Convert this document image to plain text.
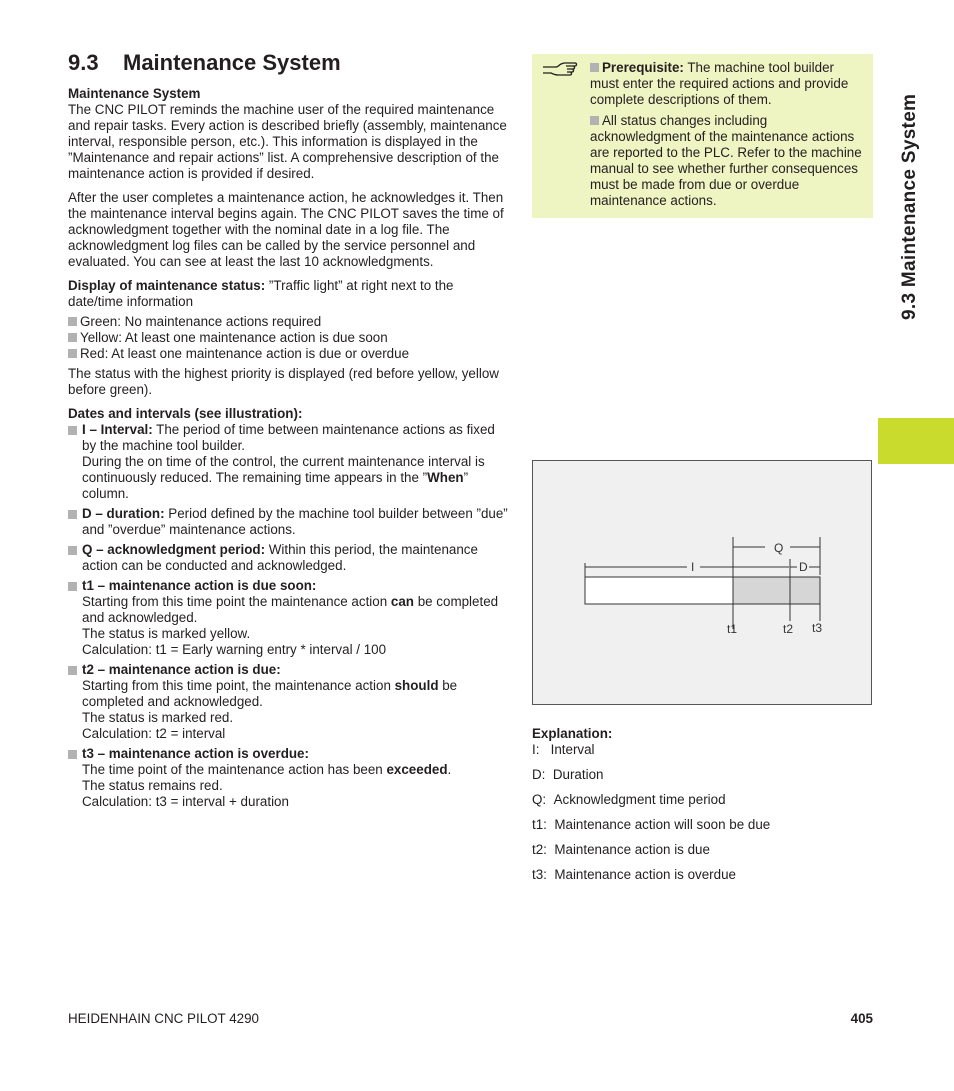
9.3 Maintenance System

Maintenance System

The CNC PILOT reminds the machine user of the required maintenance and repair tasks. Every action is described briefly (assembly, maintenance interval, responsible person, etc.). This information is displayed in the ”Maintenance and repair actions” list. A comprehensive description of the maintenance action is provided if desired.

After the user completes a maintenance action, he acknowledges it. Then the maintenance interval begins again. The CNC PILOT saves the time of acknowledgment together with the nominal date in a log file. The acknowledgment log files can be called by the service personnel and evaluated. You can see at least the last 10 acknowledgments.

Display of maintenance status: ”Traffic light” at right next to the date/time information

Green: No maintenance actions required
Yellow: At least one maintenance action is due soon
Red: At least one maintenance action is due or overdue

The status with the highest priority is displayed (red before yellow, yellow before green).

Dates and intervals (see illustration):

I – Interval: The period of time between maintenance actions as fixed by the machine tool builder.
During the on time of the control, the current maintenance interval is continuously reduced. The remaining time appears in the ”When” column.
D – duration: Period defined by the machine tool builder between ”due” and ”overdue” maintenance actions.
Q – acknowledgment period: Within this period, the maintenance action can be conducted and acknowledged.
t1 – maintenance action is due soon:

Starting from this time point the maintenance action can be completed and acknowledged.

The status is marked yellow.

Calculation: t1 = Early warning entry * interval / 100
t2 – maintenance action is due:

Starting from this time point, the maintenance action should be completed and acknowledged.

The status is marked red.

Calculation: t2 = interval
t3 – maintenance action is overdue:

The time point of the maintenance action has been exceeded.

The status remains red.

Calculation: t3 = interval + duration

Prerequisite: The machine tool builder must enter the required actions and provide complete descriptions of them.

All status changes including acknowledgment of the maintenance actions are reported to the PLC. Refer to the machine manual to see whether further consequences must be made from due or overdue maintenance actions.	9.3 Maintenance System
Q
I	D
t1	t2 t3
Explanation:
I: Interval
D: Duration
Q: Acknowledgment time period
t1: Maintenance action will soon be due
t2: Maintenance action is due
t3: Maintenance action is overdue
HEIDENHAIN CNC PILOT 4290	405
